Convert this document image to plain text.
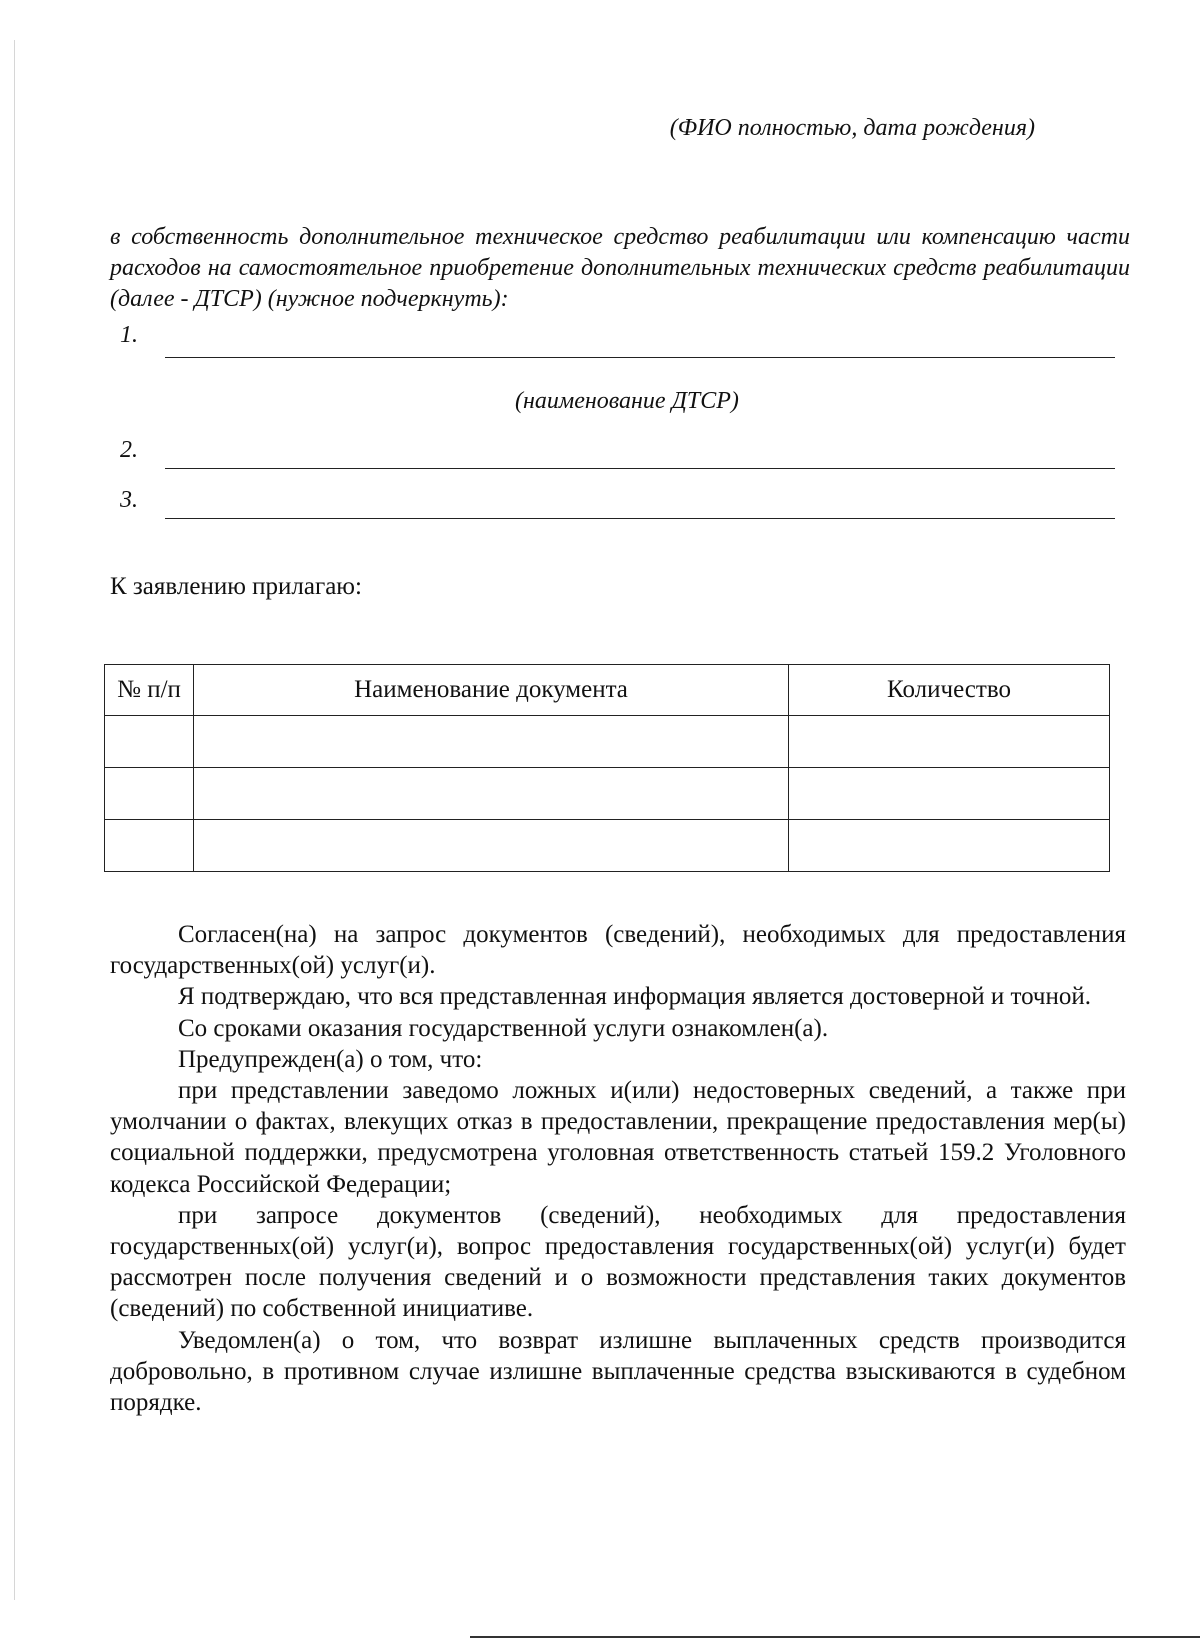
(ФИО полностью, дата рождения)
в собственность дополнительное техническое средство реабилитации или компенсацию части расходов на самостоятельное приобретение дополнительных технических средств реабилитации (далее - ДТСР) (нужное подчеркнуть):
1.
(наименование ДТСР)
2.
3.
К заявлению прилагаю:
№ п/п	Наименование документа	Количество

Согласен(на) на запрос документов (сведений), необходимых для предоставления государственных(ой) услуг(и).

Я подтверждаю, что вся представленная информация является достоверной и точной.

Со сроками оказания государственной услуги ознакомлен(а).

Предупрежден(а) о том, что:

при представлении заведомо ложных и(или) недостоверных сведений, а также при умолчании о фактах, влекущих отказ в предоставлении, прекращение предоставления мер(ы) социальной поддержки, предусмотрена уголовная ответственность статьей 159.2 Уголовного кодекса Российской Федерации;

при запросе документов (сведений), необходимых для предоставления государственных(ой) услуг(и), вопрос предоставления государственных(ой) услуг(и) будет рассмотрен после получения сведений и о возможности представления таких документов (сведений) по собственной инициативе.

Уведомлен(а) о том, что возврат излишне выплаченных средств производится добровольно, в противном случае излишне выплаченные средства взыскиваются в судебном порядке.
